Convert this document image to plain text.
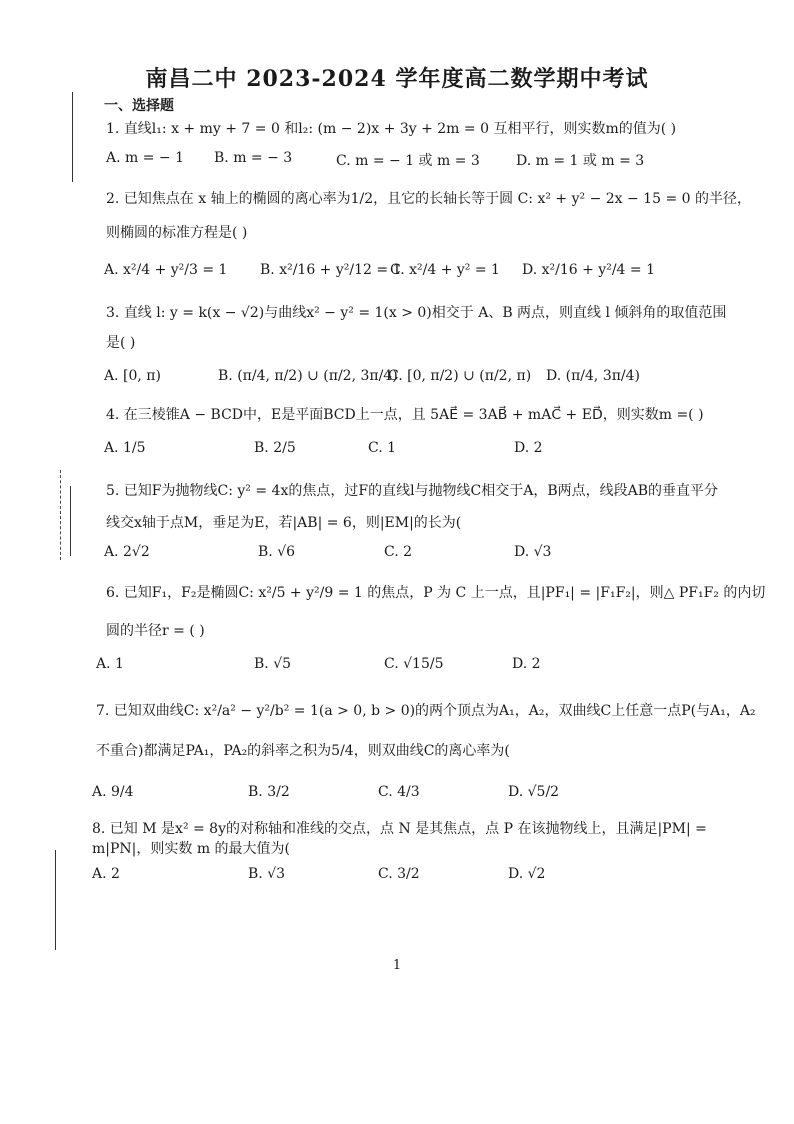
南昌二中 2023-2024 学年度高二数学期中考试
一、选择题
1. 直线l₁: x + my + 7 = 0 和l₂: (m − 2)x + 3y + 2m = 0 互相平行，则实数m的值为( )
A. m = − 1 B. m = − 3	C. m = − 1 或 m = 3	D. m = 1 或 m = 3
2. 已知焦点在 x 轴上的椭圆的离心率为1/2，且它的长轴长等于圆 C: x² + y² − 2x − 15 = 0 的半径，
则椭圆的标准方程是( )
A. x²/4 + y²/3 = 1 B. x²/16 + y²/12 = 1
C. x²/4 + y² = 1 D. x²/16 + y²/4 = 1
3. 直线 l: y = k(x − √2)与曲线x² − y² = 1(x > 0)相交于 A、B 两点，则直线 l 倾斜角的取值范围
是( )
A. [0, π)	B. (π/4, π/2) ∪ (π/2, 3π/4)
C. [0, π/2) ∪ (π/2, π) D. (π/4, 3π/4)
4. 在三棱锥A − BCD中，E是平面BCD上一点，且 5AE⃗ = 3AB⃗ + mAC⃗ + ED⃗，则实数m =( )
A. 1/5	B. 2/5	C. 1	D. 2
5. 已知F为抛物线C: y² = 4x的焦点，过F的直线l与抛物线C相交于A，B两点，线段AB的垂直平分
线交x轴于点M，垂足为E，若|AB| = 6，则|EM|的长为(
A. 2√2	B. √6	C. 2	D. √3
6. 已知F₁，F₂是椭圆C: x²/5 + y²/9 = 1 的焦点，P 为 C 上一点，且|PF₁| = |F₁F₂|，则△ PF₁F₂ 的内切
圆的半径r = ( )
A. 1	B. √5	C. √15/5	D. 2
7. 已知双曲线C: x²/a² − y²/b² = 1(a > 0, b > 0)的两个顶点为A₁，A₂，双曲线C上任意一点P(与A₁，A₂
不重合)都满足PA₁，PA₂的斜率之积为5/4，则双曲线C的离心率为(
A. 9/4	B. 3/2	C. 4/3	D. √5/2
8. 已知 M 是x² = 8y的对称轴和准线的交点，点 N 是其焦点，点 P 在该抛物线上，且满足|PM| =
m|PN|，则实数 m 的最大值为(
A. 2	B. √3	C. 3/2	D. √2
1
